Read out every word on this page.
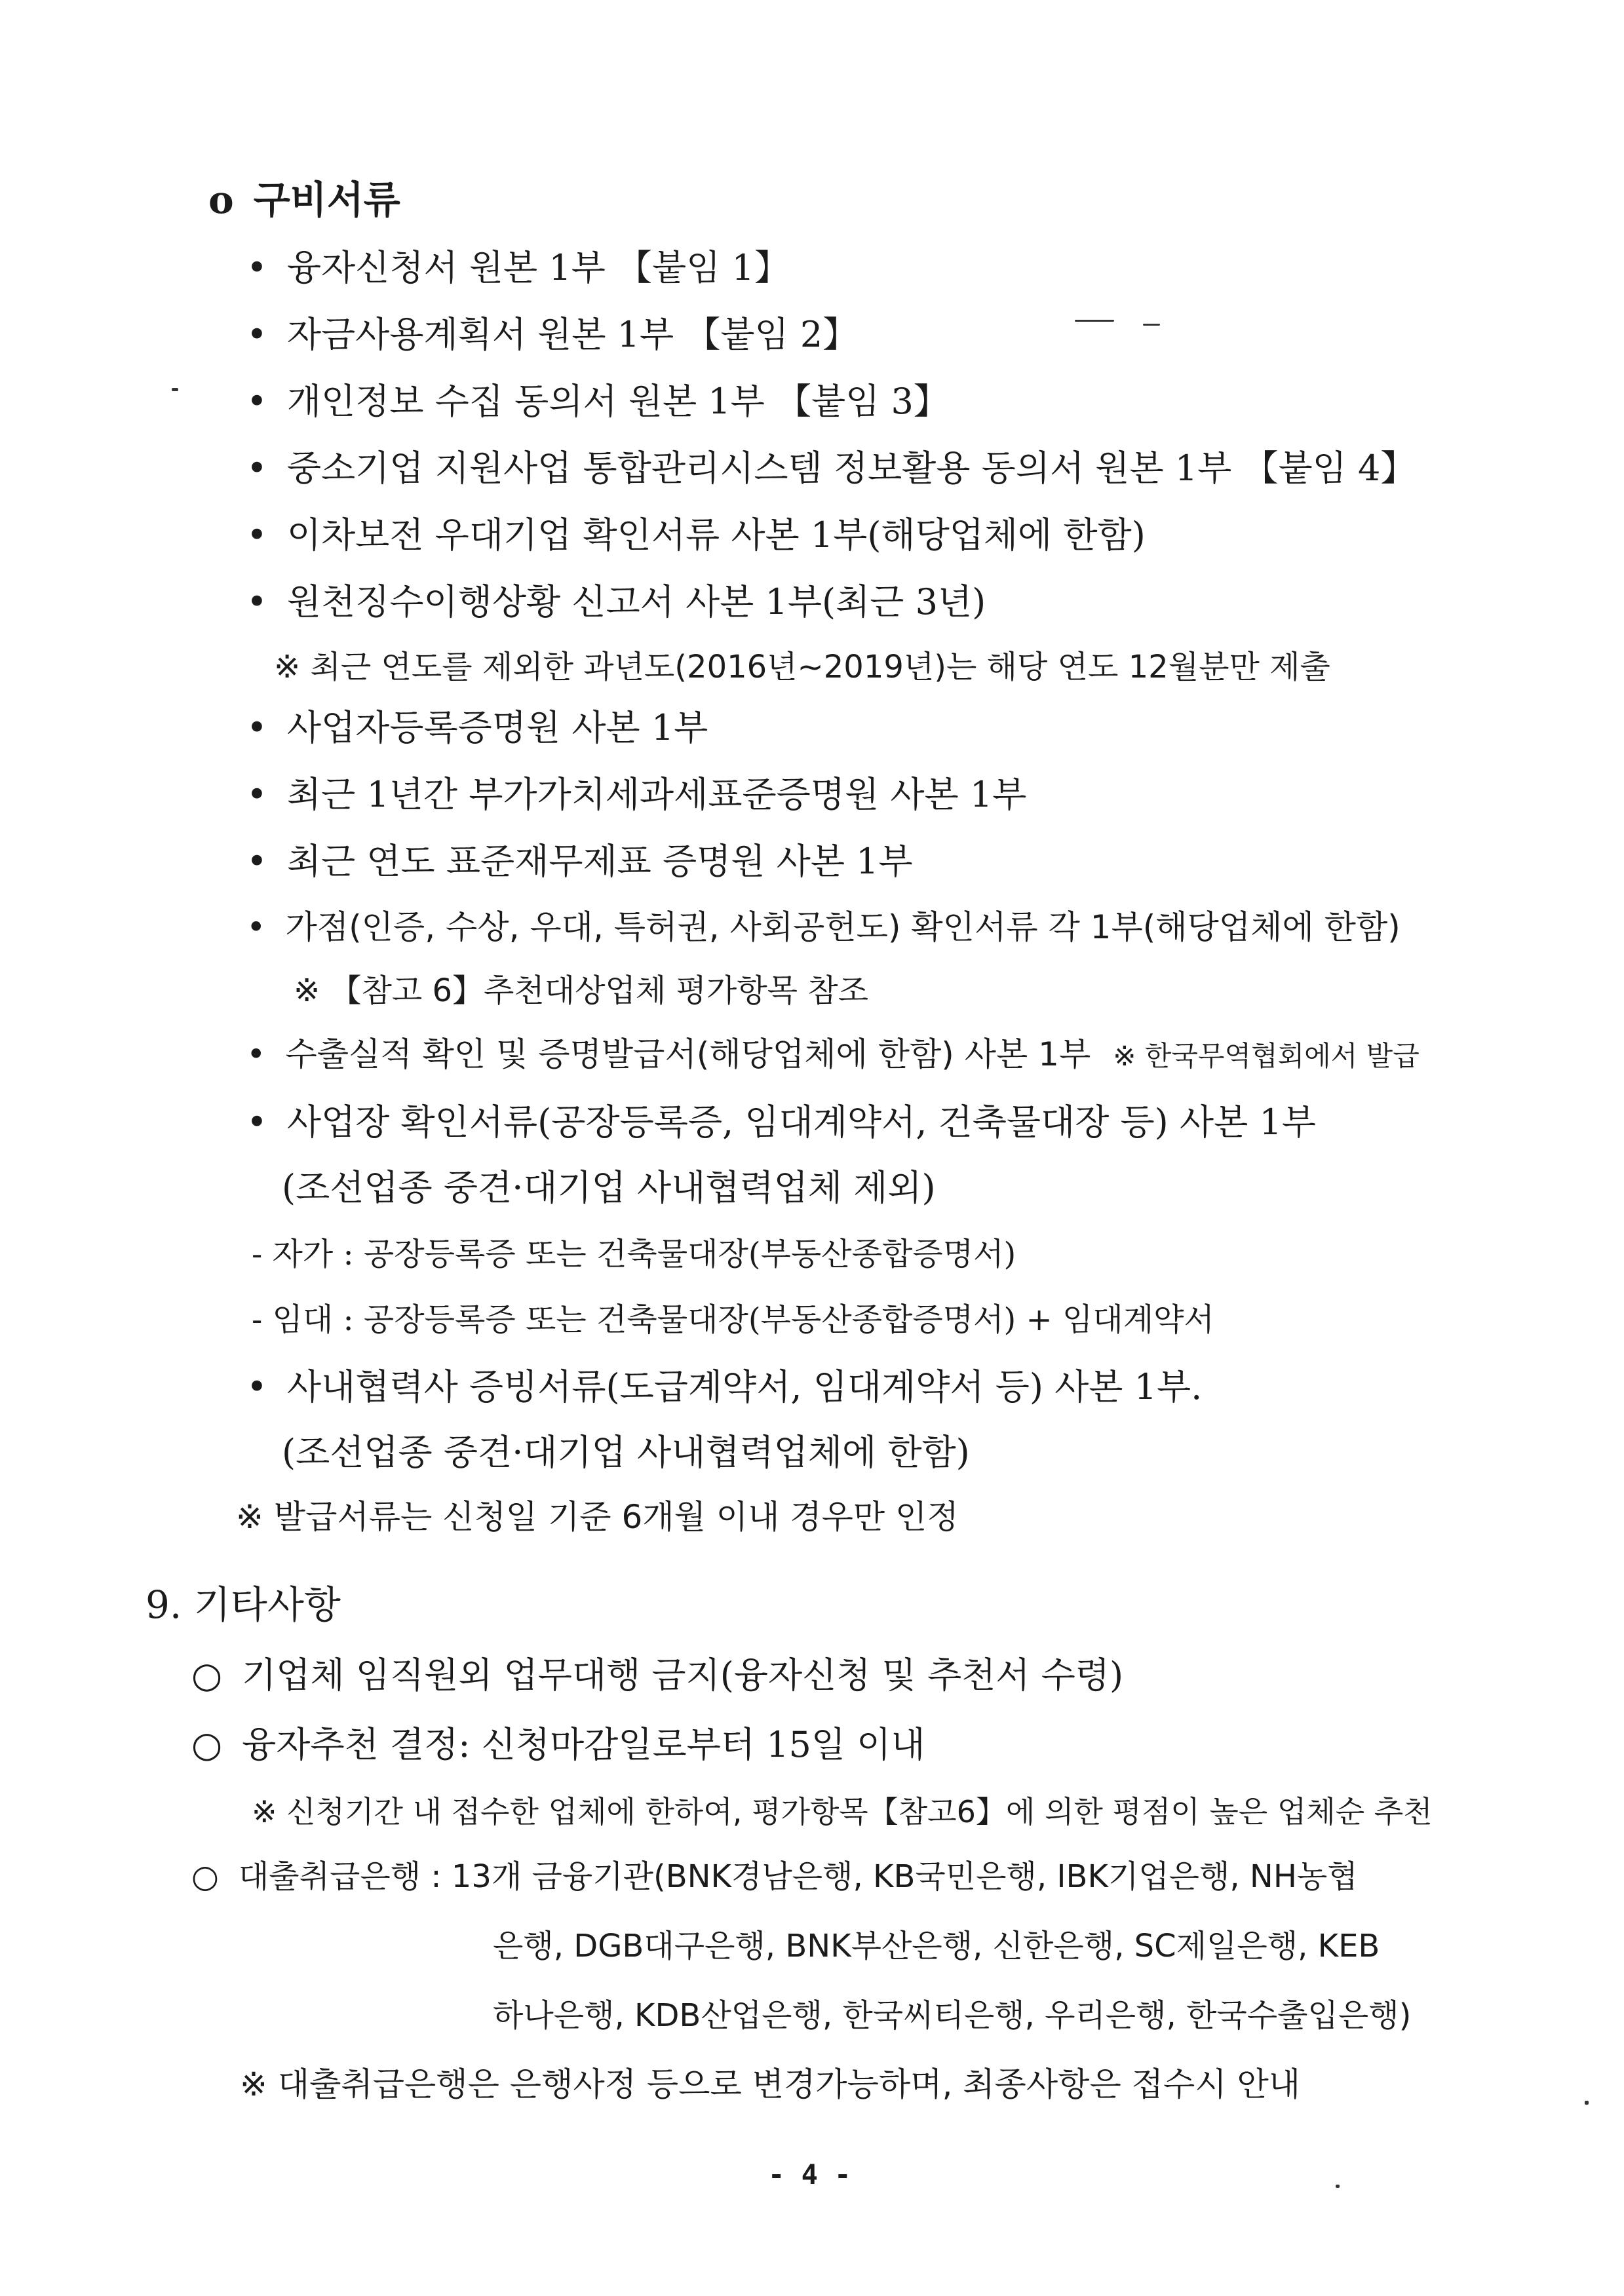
o 구비서류
• 융자신청서 원본 1부 【붙임 1】
• 자금사용계획서 원본 1부 【붙임 2】
• 개인정보 수집 동의서 원본 1부 【붙임 3】
• 중소기업 지원사업 통합관리시스템 정보활용 동의서 원본 1부 【붙임 4】
• 이차보전 우대기업 확인서류 사본 1부(해당업체에 한함)
• 원천징수이행상황 신고서 사본 1부(최근 3년)
※ 최근 연도를 제외한 과년도(2016년~2019년)는 해당 연도 12월분만 제출
• 사업자등록증명원 사본 1부
• 최근 1년간 부가가치세과세표준증명원 사본 1부
• 최근 연도 표준재무제표 증명원 사본 1부
• 가점(인증, 수상, 우대, 특허권, 사회공헌도) 확인서류 각 1부(해당업체에 한함)
※ 【참고 6】추천대상업체 평가항목 참조
• 수출실적 확인 및 증명발급서(해당업체에 한함) 사본 1부 ※ 한국무역협회에서 발급
• 사업장 확인서류(공장등록증, 임대계약서, 건축물대장 등) 사본 1부
(조선업종 중견·대기업 사내협력업체 제외)
- 자가 : 공장등록증 또는 건축물대장(부동산종합증명서)
- 임대 : 공장등록증 또는 건축물대장(부동산종합증명서) + 임대계약서
• 사내협력사 증빙서류(도급계약서, 임대계약서 등) 사본 1부.
(조선업종 중견·대기업 사내협력업체에 한함)
※ 발급서류는 신청일 기준 6개월 이내 경우만 인정
9. 기타사항
○ 기업체 임직원외 업무대행 금지(융자신청 및 추천서 수령)
○ 융자추천 결정: 신청마감일로부터 15일 이내
※ 신청기간 내 접수한 업체에 한하여, 평가항목【참고6】에 의한 평점이 높은 업체순 추천
○ 대출취급은행 : 13개 금융기관(BNK경남은행, KB국민은행, IBK기업은행, NH농협
은행, DGB대구은행, BNK부산은행, 신한은행, SC제일은행, KEB
하나은행, KDB산업은행, 한국씨티은행, 우리은행, 한국수출입은행)
※ 대출취급은행은 은행사정 등으로 변경가능하며, 최종사항은 접수시 안내
- 4 -
